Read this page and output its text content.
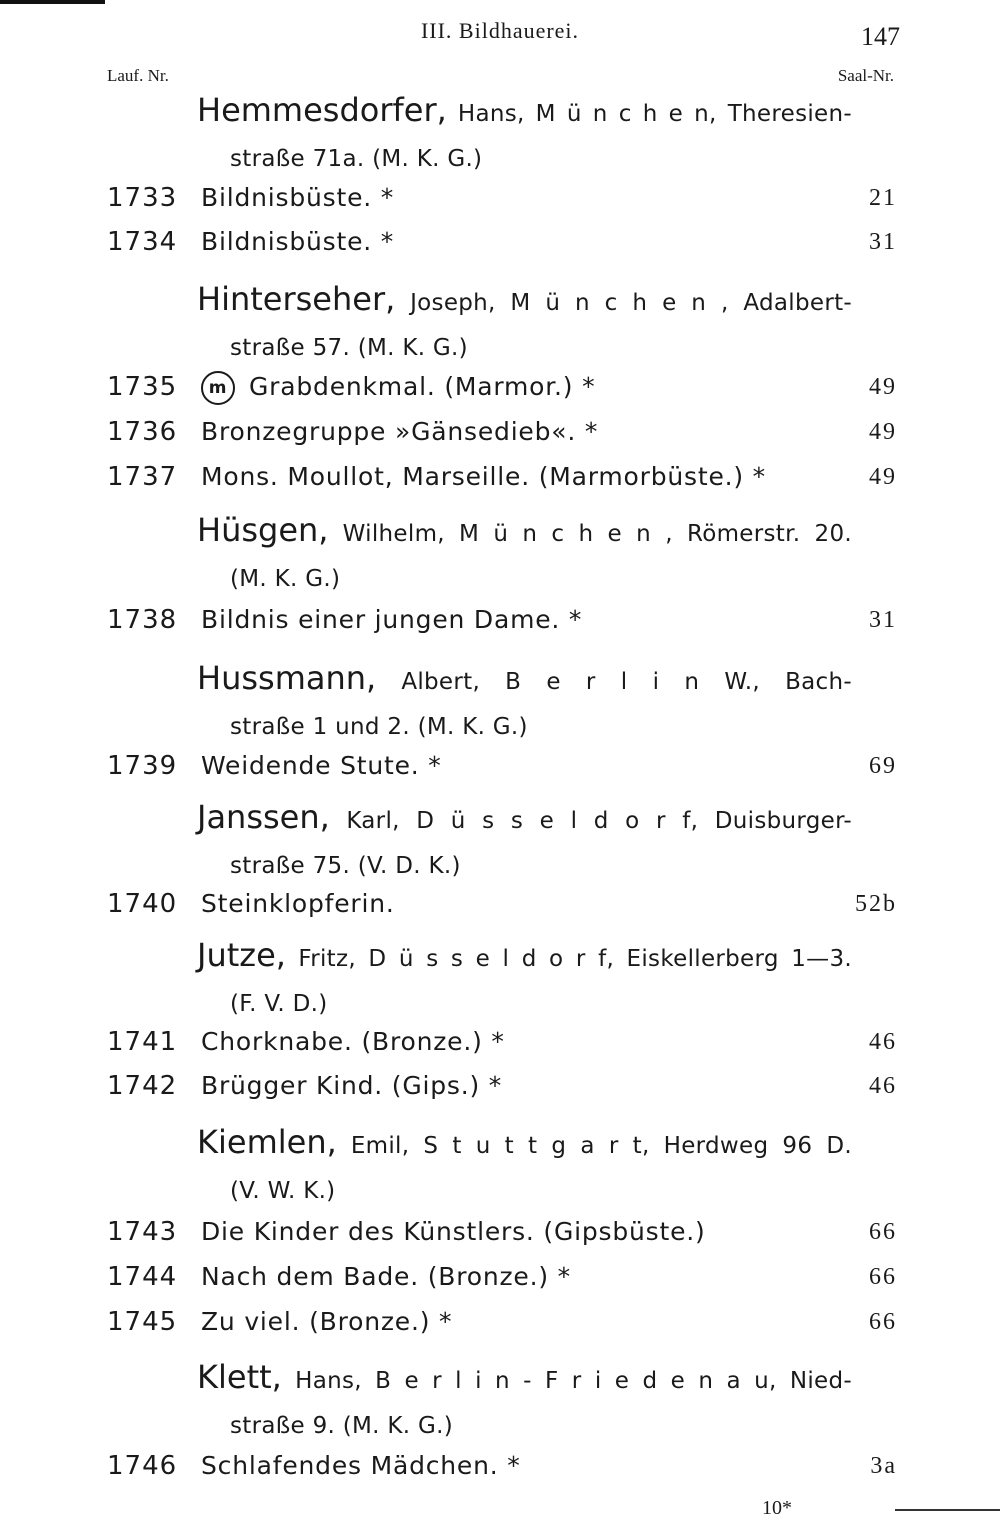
III. Bildhauerei.	147
Lauf. Nr.	Saal-Nr.
Hemmesdorfer, Hans, M ü n c h e n, Theresien-
straße 71a. (M. K. G.)
1733 Bildnisbüste. *	21
1734 Bildnisbüste. *	31
Hinterseher, Joseph, M ü n c h e n , Adalbert-
straße 57. (M. K. G.)
1735	m Grabdenkmal. (Marmor.) *	49
1736 Bronzegruppe »Gänsedieb«. *	49
1737 Mons. Moullot, Marseille. (Marmorbüste.) *	49
Hüsgen, Wilhelm, M ü n c h e n , Römerstr. 20.
(M. K. G.)
1738 Bildnis einer jungen Dame. *	31
Hussmann, Albert, B e r l i n W., Bach-
straße 1 und 2. (M. K. G.)
1739 Weidende Stute. *	69
Janssen, Karl, D ü s s e l d o r f, Duisburger-
straße 75. (V. D. K.)
1740 Steinklopferin.	52b
Jutze, Fritz, D ü s s e l d o r f, Eiskellerberg 1—3.
(F. V. D.)
1741 Chorknabe. (Bronze.) *	46
1742 Brügger Kind. (Gips.) *	46
Kiemlen, Emil, S t u t t g a r t, Herdweg 96 D.
(V. W. K.)
1743 Die Kinder des Künstlers. (Gipsbüste.)	66
1744 Nach dem Bade. (Bronze.) *	66
1745 Zu viel. (Bronze.) *	66
Klett, Hans, B e r l i n - F r i e d e n a u, Nied-
straße 9. (M. K. G.)
1746 Schlafendes Mädchen. *	3a
10*
